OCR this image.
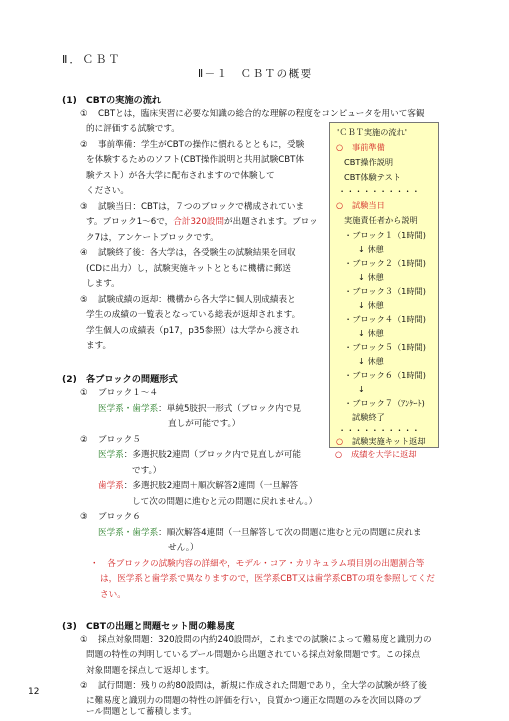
Ⅱ．ＣＢＴ
Ⅱ－１　ＣＢＴの概要
(1)　CBTの実施の流れ
① CBTとは，臨床実習に必要な知識の総合的な理解の程度をコンピュータを用いて客観
的に評価する試験です。
② 事前準備：学生がCBTの操作に慣れるとともに，受験
を体験するためのソフト(CBT操作説明と共用試験CBT体
験テスト）が各大学に配布されますので体験して
ください。
③ 試験当日：CBTは，７つのブロックで構成されていま
す。ブロック1～6で，合計320設問が出題されます。ブロッ
ク7は，アンケートブロックです。
④ 試験終了後：各大学は，各受験生の試験結果を回収
(CDに出力）し，試験実施キットとともに機構に郵送
します。
⑤ 試験成績の返却：機構から各大学に個人別成績表と
学生の成績の一覧表となっている総表が返却されます。
学生個人の成績表（p17，p35参照）は大学から渡され
ます。
'ＣＢＴ実施の流れ'
○ 事前準備
CBT操作説明
CBT体験テスト
・・・・・・・・・・
○ 試験当日
実施責任者から説明
・ブロック１（1時間)
↓ 休憩
・ブロック２（1時間)
↓ 休憩
・ブロック３（1時間)
↓ 休憩
・ブロック４（1時間)
↓ 休憩
・ブロック５（1時間)
↓ 休憩
・ブロック６（1時間)
↓
・ブロック７（ｱﾝｹｰﾄ)
試験終了
・・・・・・・・・・
○ 試験実施キット返却
○ 成績を大学に返却
(2)　各ブロックの問題形式
① ブロック１～４
医学系・歯学系：単純5肢択一形式（ブロック内で見
直しが可能です。）
② ブロック５
医学系：多選択肢2連問（ブロック内で見直しが可能
です。）
歯学系：多選択肢2連問＋順次解答2連問（一旦解答
して次の問題に進むと元の問題に戻れません。）
③ ブロック６
医学系・歯学系：順次解答4連問（一旦解答して次の問題に進むと元の問題に戻れま
せん。）
・　各ブロックの試験内容の詳細や，モデル・コア・カリキュラム項目別の出題割合等
は，医学系と歯学系で異なりますので，医学系CBT又は歯学系CBTの項を参照してくだ
さい。
(3)　CBTの出題と問題セット間の難易度
① 採点対象問題：320設問の内約240設問が，これまでの試験によって難易度と識別力の
問題の特性の判明しているプール問題から出題されている採点対象問題です。この採点
対象問題を採点して返却します。
② 試行問題：残りの約80設問は，新規に作成された問題であり，全大学の試験が終了後
に難易度と識別力の問題の特性の評価を行い，良質かつ適正な問題のみを次回以降のプ
ール問題として蓄積します。
12
